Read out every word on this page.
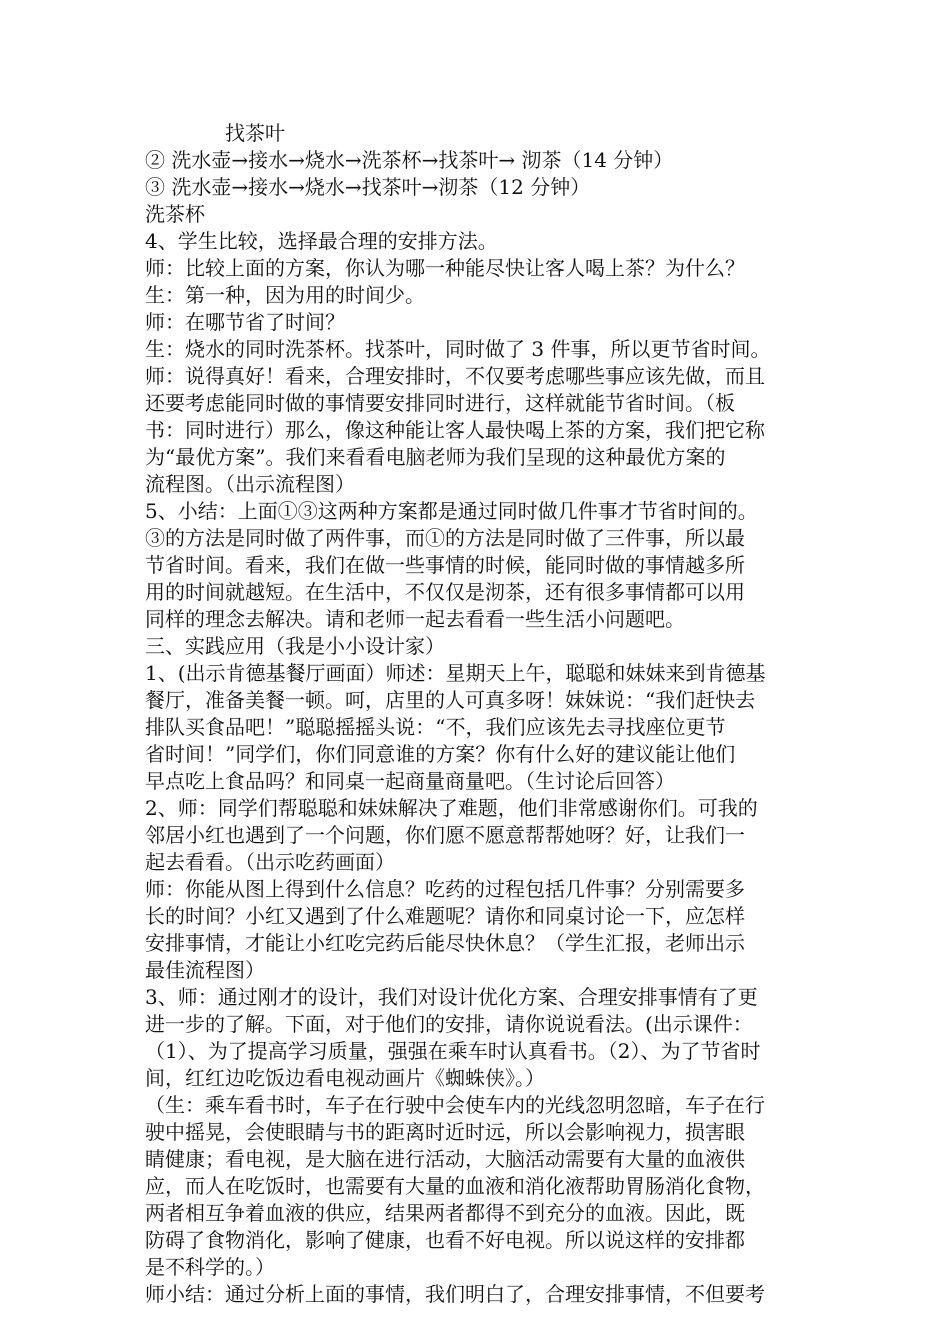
找茶叶
② 洗水壶→接水→烧水→洗茶杯→找茶叶→ 沏茶（14 分钟）
③ 洗水壶→接水→烧水→找茶叶→沏茶（12 分钟）
洗茶杯
4、学生比较，选择最合理的安排方法。
师：比较上面的方案，你认为哪一种能尽快让客人喝上茶？为什么？
生：第一种，因为用的时间少。
师：在哪节省了时间？
生：烧水的同时洗茶杯。找茶叶，同时做了 3 件事，所以更节省时间。
师：说得真好！看来，合理安排时，不仅要考虑哪些事应该先做，而且
还要考虑能同时做的事情要安排同时进行，这样就能节省时间。（板
书：同时进行）那么，像这种能让客人最快喝上茶的方案，我们把它称
为“最优方案”。我们来看看电脑老师为我们呈现的这种最优方案的
流程图。（出示流程图）
5、小结：上面①③这两种方案都是通过同时做几件事才节省时间的。
③的方法是同时做了两件事，而①的方法是同时做了三件事，所以最
节省时间。看来，我们在做一些事情的时候，能同时做的事情越多所
用的时间就越短。在生活中，不仅仅是沏茶，还有很多事情都可以用
同样的理念去解决。请和老师一起去看看一些生活小问题吧。
三、实践应用（我是小小设计家）
1、(出示肯德基餐厅画面）师述：星期天上午，聪聪和妹妹来到肯德基
餐厅，准备美餐一顿。呵，店里的人可真多呀！妹妹说：“我们赶快去
排队买食品吧！”聪聪摇摇头说：“不，我们应该先去寻找座位更节
省时间！”同学们，你们同意谁的方案？你有什么好的建议能让他们
早点吃上食品吗？和同桌一起商量商量吧。（生讨论后回答）
2、师：同学们帮聪聪和妹妹解决了难题，他们非常感谢你们。可我的
邻居小红也遇到了一个问题，你们愿不愿意帮帮她呀？好，让我们一
起去看看。（出示吃药画面）
师：你能从图上得到什么信息？吃药的过程包括几件事？分别需要多
长的时间？小红又遇到了什么难题呢？请你和同桌讨论一下，应怎样
安排事情，才能让小红吃完药后能尽快休息？（学生汇报，老师出示
最佳流程图）
3、师：通过刚才的设计，我们对设计优化方案、合理安排事情有了更
进一步的了解。下面，对于他们的安排，请你说说看法。(出示课件：
（1）、为了提高学习质量，强强在乘车时认真看书。（2）、为了节省时
间，红红边吃饭边看电视动画片《蜘蛛侠》。）
（生：乘车看书时，车子在行驶中会使车内的光线忽明忽暗，车子在行
驶中摇晃，会使眼睛与书的距离时近时远，所以会影响视力，损害眼
睛健康；看电视，是大脑在进行活动，大脑活动需要有大量的血液供
应，而人在吃饭时，也需要有大量的血液和消化液帮助胃肠消化食物，
两者相互争着血液的供应，结果两者都得不到充分的血液。因此，既
防碍了食物消化，影响了健康，也看不好电视。所以说这样的安排都
是不科学的。）
师小结：通过分析上面的事情，我们明白了，合理安排事情，不但要考
